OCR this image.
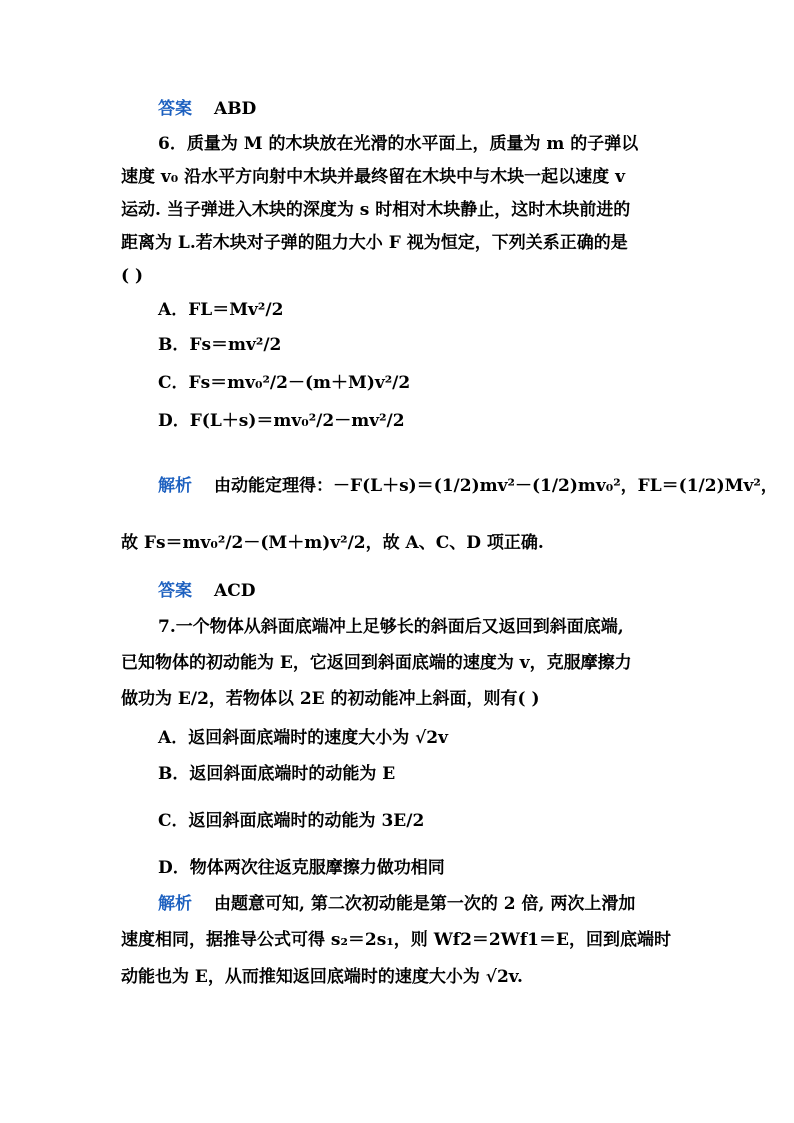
答案 ABD
6．质量为 M 的木块放在光滑的水平面上，质量为 m 的子弹以
速度 v₀ 沿水平方向射中木块并最终留在木块中与木块一起以速度 v
运动. 当子弹进入木块的深度为 s 时相对木块静止，这时木块前进的
距离为 L.若木块对子弹的阻力大小 F 视为恒定，下列关系正确的是
( )
A．FL＝Mv²/2
B．Fs＝mv²/2
C．Fs＝mv₀²/2－(m＋M)v²/2
D．F(L＋s)＝mv₀²/2－mv²/2
解析 由动能定理得：－F(L＋s)＝(1/2)mv²－(1/2)mv₀²，FL＝(1/2)Mv²，
故 Fs＝mv₀²/2－(M＋m)v²/2，故 A、C、D 项正确.
答案 ACD
7.一个物体从斜面底端冲上足够长的斜面后又返回到斜面底端,
已知物体的初动能为 E，它返回到斜面底端的速度为 v，克服摩擦力
做功为 E/2，若物体以 2E 的初动能冲上斜面，则有( )
A．返回斜面底端时的速度大小为 √2v
B．返回斜面底端时的动能为 E
C．返回斜面底端时的动能为 3E/2
D．物体两次往返克服摩擦力做功相同
解析 由题意可知, 第二次初动能是第一次的 2 倍, 两次上滑加
速度相同，据推导公式可得 s₂＝2s₁，则 Wf2＝2Wf1＝E，回到底端时
动能也为 E，从而推知返回底端时的速度大小为 √2v.
